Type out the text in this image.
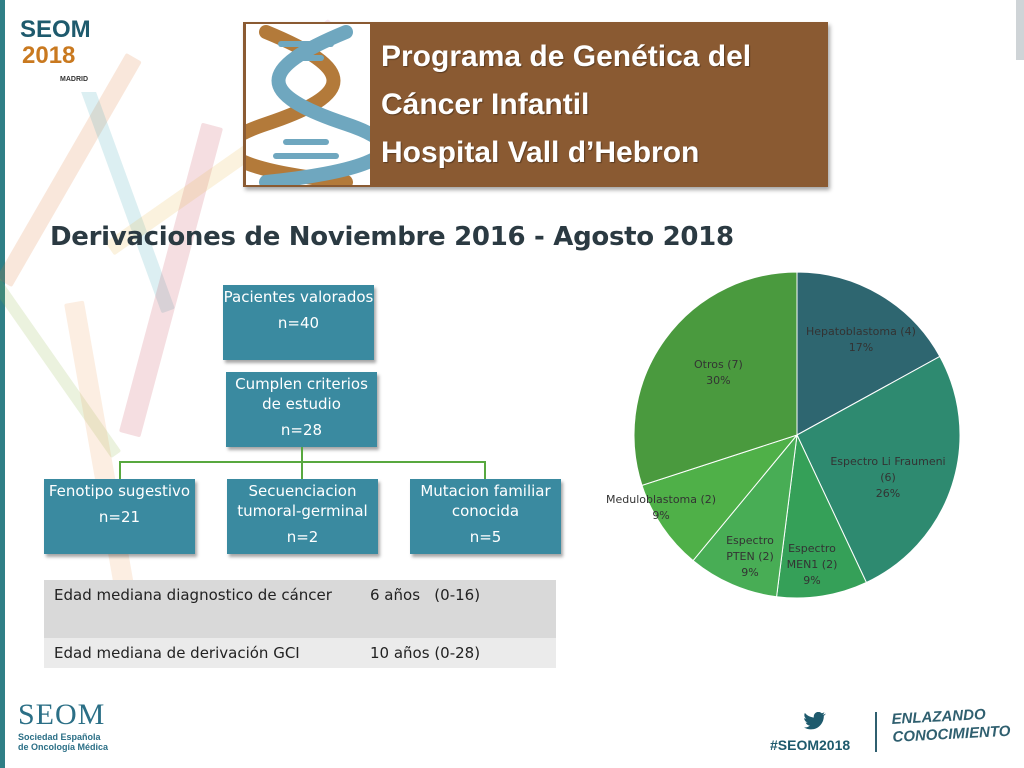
SEOM
2018
MADRID
Programa de Genética del
Cáncer Infantil
Hospital Vall d’Hebron
Derivaciones de Noviembre 2016 - Agosto 2018
Pacientes valorados
n=40
Cumplen criterios de estudio
n=28
Fenotipo sugestivo
n=21
Secuenciacion tumoral-germinal
n=2
Mutacion familiar conocida
n=5
Edad mediana diagnostico de cáncer	6 años   (0-16)
Edad mediana de derivación GCI	10 años (0-28)
Hepatoblastoma (4)
17%
Espectro Li Fraumeni (6)
26%
Espectro MEN1 (2)
9%
Espectro PTEN (2)
9%
Meduloblastoma (2)
9%
Otros (7)
30%
SEOM
Sociedad Española
de Oncología Médica	#SEOM2018
ENLAZANDO
CONOCIMIENTO
